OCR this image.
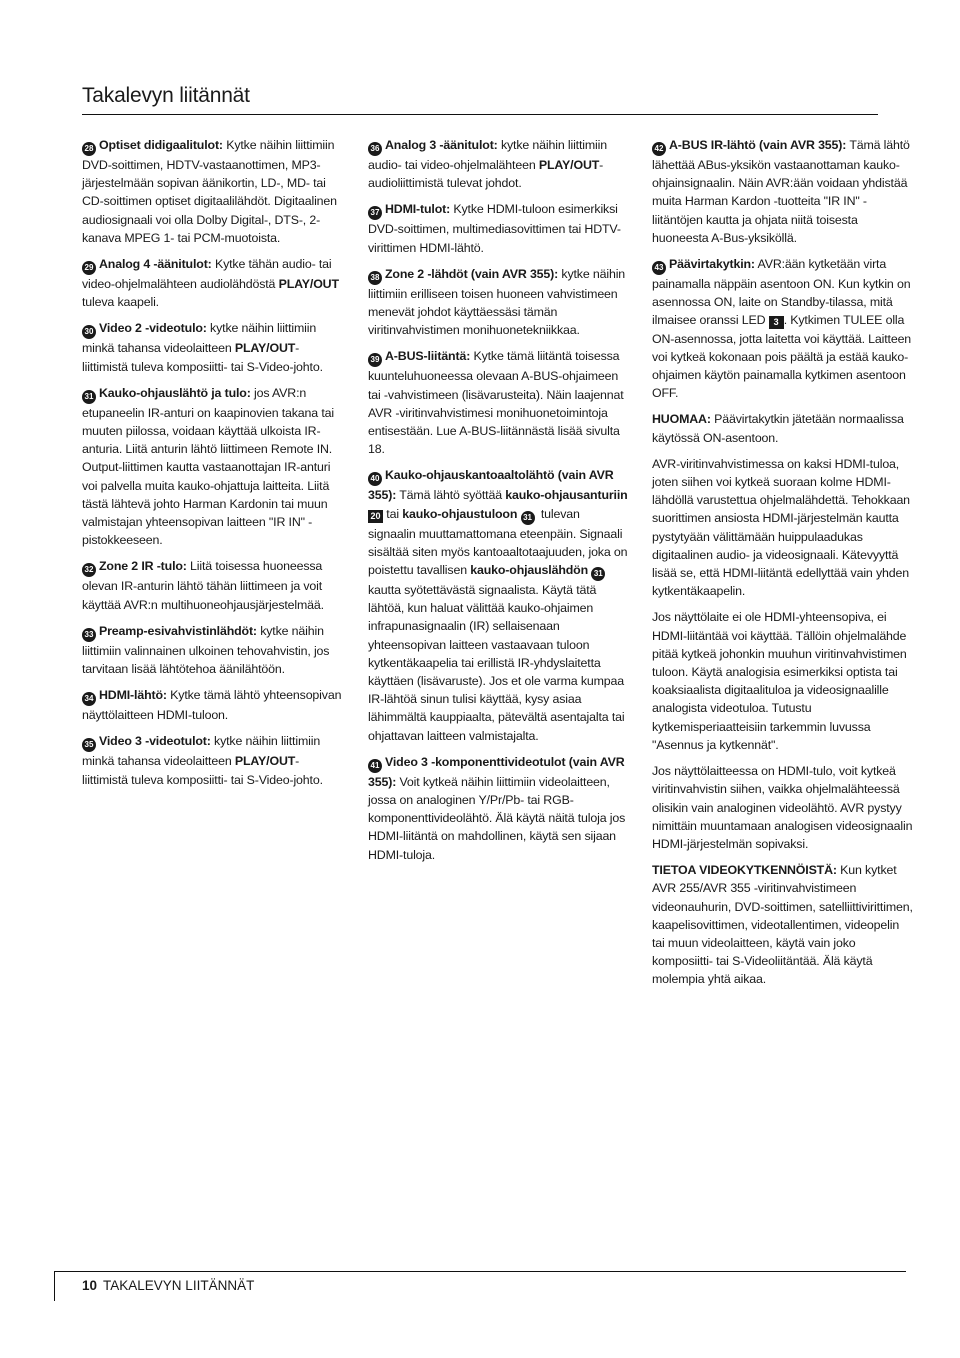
Takalevyn liitännät

28 Optiset didigaalitulot: Kytke näihin liittimiin DVD-soittimen, HDTV-vastaanottimen, MP3-järjestelmään sopivan äänikortin, LD-, MD- tai CD-soittimen optiset digitaalilähdöt. Digitaalinen audiosignaali voi olla Dolby Digital-, DTS-, 2-kanava MPEG 1- tai PCM-muotoista.

29 Analog 4 -äänitulot: Kytke tähän audio- tai video-ohjelmalähteen audiolähdöstä PLAY/OUT tuleva kaapeli.

30 Video 2 -videotulo: kytke näihin liittimiin minkä tahansa videolaitteen PLAY/OUT-liittimistä tuleva komposiitti- tai S-Video-johto.

31 Kauko-ohjauslähtö ja tulo: jos AVR:n etupaneelin IR-anturi on kaapinovien takana tai muuten piilossa, voidaan käyttää ulkoista IR-anturia. Liitä anturin lähtö liittimeen Remote IN. Output-liittimen kautta vastaanottajan IR-anturi voi palvella muita kauko-ohjattuja laitteita. Liitä tästä lähtevä johto Harman Kardonin tai muun valmistajan yhteensopivan laitteen "IR IN" -pistokkeeseen.

32 Zone 2 IR -tulo: Liitä toisessa huoneessa olevan IR-anturin lähtö tähän liittimeen ja voit käyttää AVR:n multihuoneohjausjärjestelmää.

33 Preamp-esivahvistinlähdöt: kytke näihin liittimiin valinnainen ulkoinen tehovahvistin, jos tarvitaan lisää lähtötehoa äänilähtöön.

34 HDMI-lähtö: Kytke tämä lähtö yhteensopivan näyttölaitteen HDMI-tuloon.

35 Video 3 -videotulot: kytke näihin liittimiin minkä tahansa videolaitteen PLAY/OUT-liittimistä tuleva komposiitti- tai S-Video-johto.

36 Analog 3 -äänitulot: kytke näihin liittimiin audio- tai video-ohjelmalähteen PLAY/OUT-audioliittimistä tulevat johdot.

37 HDMI-tulot: Kytke HDMI-tuloon esimerkiksi DVD-soittimen, multimediasovittimen tai HDTV-virittimen HDMI-lähtö.

38 Zone 2 -lähdöt (vain AVR 355): kytke näihin liittimiin erilliseen toisen huoneen vahvistimeen menevät johdot käyttäessäsi tämän viritinvahvistimen monihuonetekniikkaa.

39 A-BUS-liitäntä: Kytke tämä liitäntä toisessa kuunteluhuoneessa olevaan A-BUS-ohjaimeen tai -vahvistimeen (lisävarusteita). Näin laajennat AVR -viritinvahvistimesi monihuonetoimintoja entisestään. Lue A-BUS-liitännästä lisää sivulta 18.

40 Kauko-ohjauskantoaaltolähtö (vain AVR 355): Tämä lähtö syöttää kauko-ohjausanturiin 20 tai kauko-ohjaustuloon 31 tulevan signaalin muuttamattomana eteenpäin. Signaali sisältää siten myös kantoaaltotaajuuden, joka on poistettu tavallisen kauko-ohjauslähdön 31 kautta syötettävästä signaalista. Käytä tätä lähtöä, kun haluat välittää kauko-ohjaimen infrapunasignaalin (IR) sellaisenaan yhteensopivan laitteen vastaavaan tuloon kytkentäkaapelia tai erillistä IR-yhdyslaitetta käyttäen (lisävaruste). Jos et ole varma kumpaa IR-lähtöä sinun tulisi käyttää, kysy asiaa lähimmältä kauppiaalta, pätevältä asentajalta tai ohjattavan laitteen valmistajalta.

41 Video 3 -komponenttivideotulot (vain AVR 355): Voit kytkeä näihin liittimiin videolaitteen, jossa on analoginen Y/Pr/Pb- tai RGB-komponenttivideolähtö. Älä käytä näitä tuloja jos HDMI-liitäntä on mahdollinen, käytä sen sijaan HDMI-tuloja.

42 A-BUS IR-lähtö (vain AVR 355): Tämä lähtö lähettää ABus-yksikön vastaanottaman kauko-ohjainsignaalin. Näin AVR:ään voidaan yhdistää muita Harman Kardon -tuotteita "IR IN" -liitäntöjen kautta ja ohjata niitä toisesta huoneesta A-Bus-yksiköllä.

43 Päävirtakytkin: AVR:ään kytketään virta painamalla näppäin asentoon ON. Kun kytkin on asennossa ON, laite on Standby-tilassa, mitä ilmaisee oranssi LED 3 . Kytkimen TULEE olla ON-asennossa, jotta laitetta voi käyttää. Laitteen voi kytkeä kokonaan pois päältä ja estää kauko-ohjaimen käytön painamalla kytkimen asentoon OFF.

HUOMAA: Päävirtakytkin jätetään normaalissa käytössä ON-asentoon.

AVR-viritinvahvistimessa on kaksi HDMI-tuloa, joten siihen voi kytkeä suoraan kolme HDMI-lähdöllä varustettua ohjelmalähdettä. Tehokkaan suorittimen ansiosta HDMI-järjestelmän kautta pystytyään välittämään huippulaadukas digitaalinen audio- ja videosignaali. Kätevyyttä lisää se, että HDMI-liitäntä edellyttää vain yhden kytkentäkaapelin.

Jos näyttölaite ei ole HDMI-yhteensopiva, ei HDMI-liitäntää voi käyttää. Tällöin ohjelmalähde pitää kytkeä johonkin muuhun viritinvahvistimen tuloon. Käytä analogisia esimerkiksi optista tai koaksiaalista digitaalituloa ja videosignaalille analogista videotuloa. Tutustu kytkemisperiaatteisiin tarkemmin luvussa "Asennus ja kytkennät".

Jos näyttölaitteessa on HDMI-tulo, voit kytkeä viritinvahvistin siihen, vaikka ohjelmalähteessä olisikin vain analoginen videolähtö. AVR pystyy nimittäin muuntamaan analogisen videosignaalin HDMI-järjestelmän sopivaksi.

TIETOA VIDEOKYTKENNÖISTÄ: Kun kytket AVR 255/AVR 355 -viritinvahvistimeen videonauhurin, DVD-soittimen, satelliittivirittimen, kaapelisovittimen, videotallentimen, videopelin tai muun videolaitteen, käytä vain joko komposiitti- tai S-Videoliitäntää. Älä käytä molempia yhtä aikaa.

10 TAKALEVYN LIITÄNNÄT
